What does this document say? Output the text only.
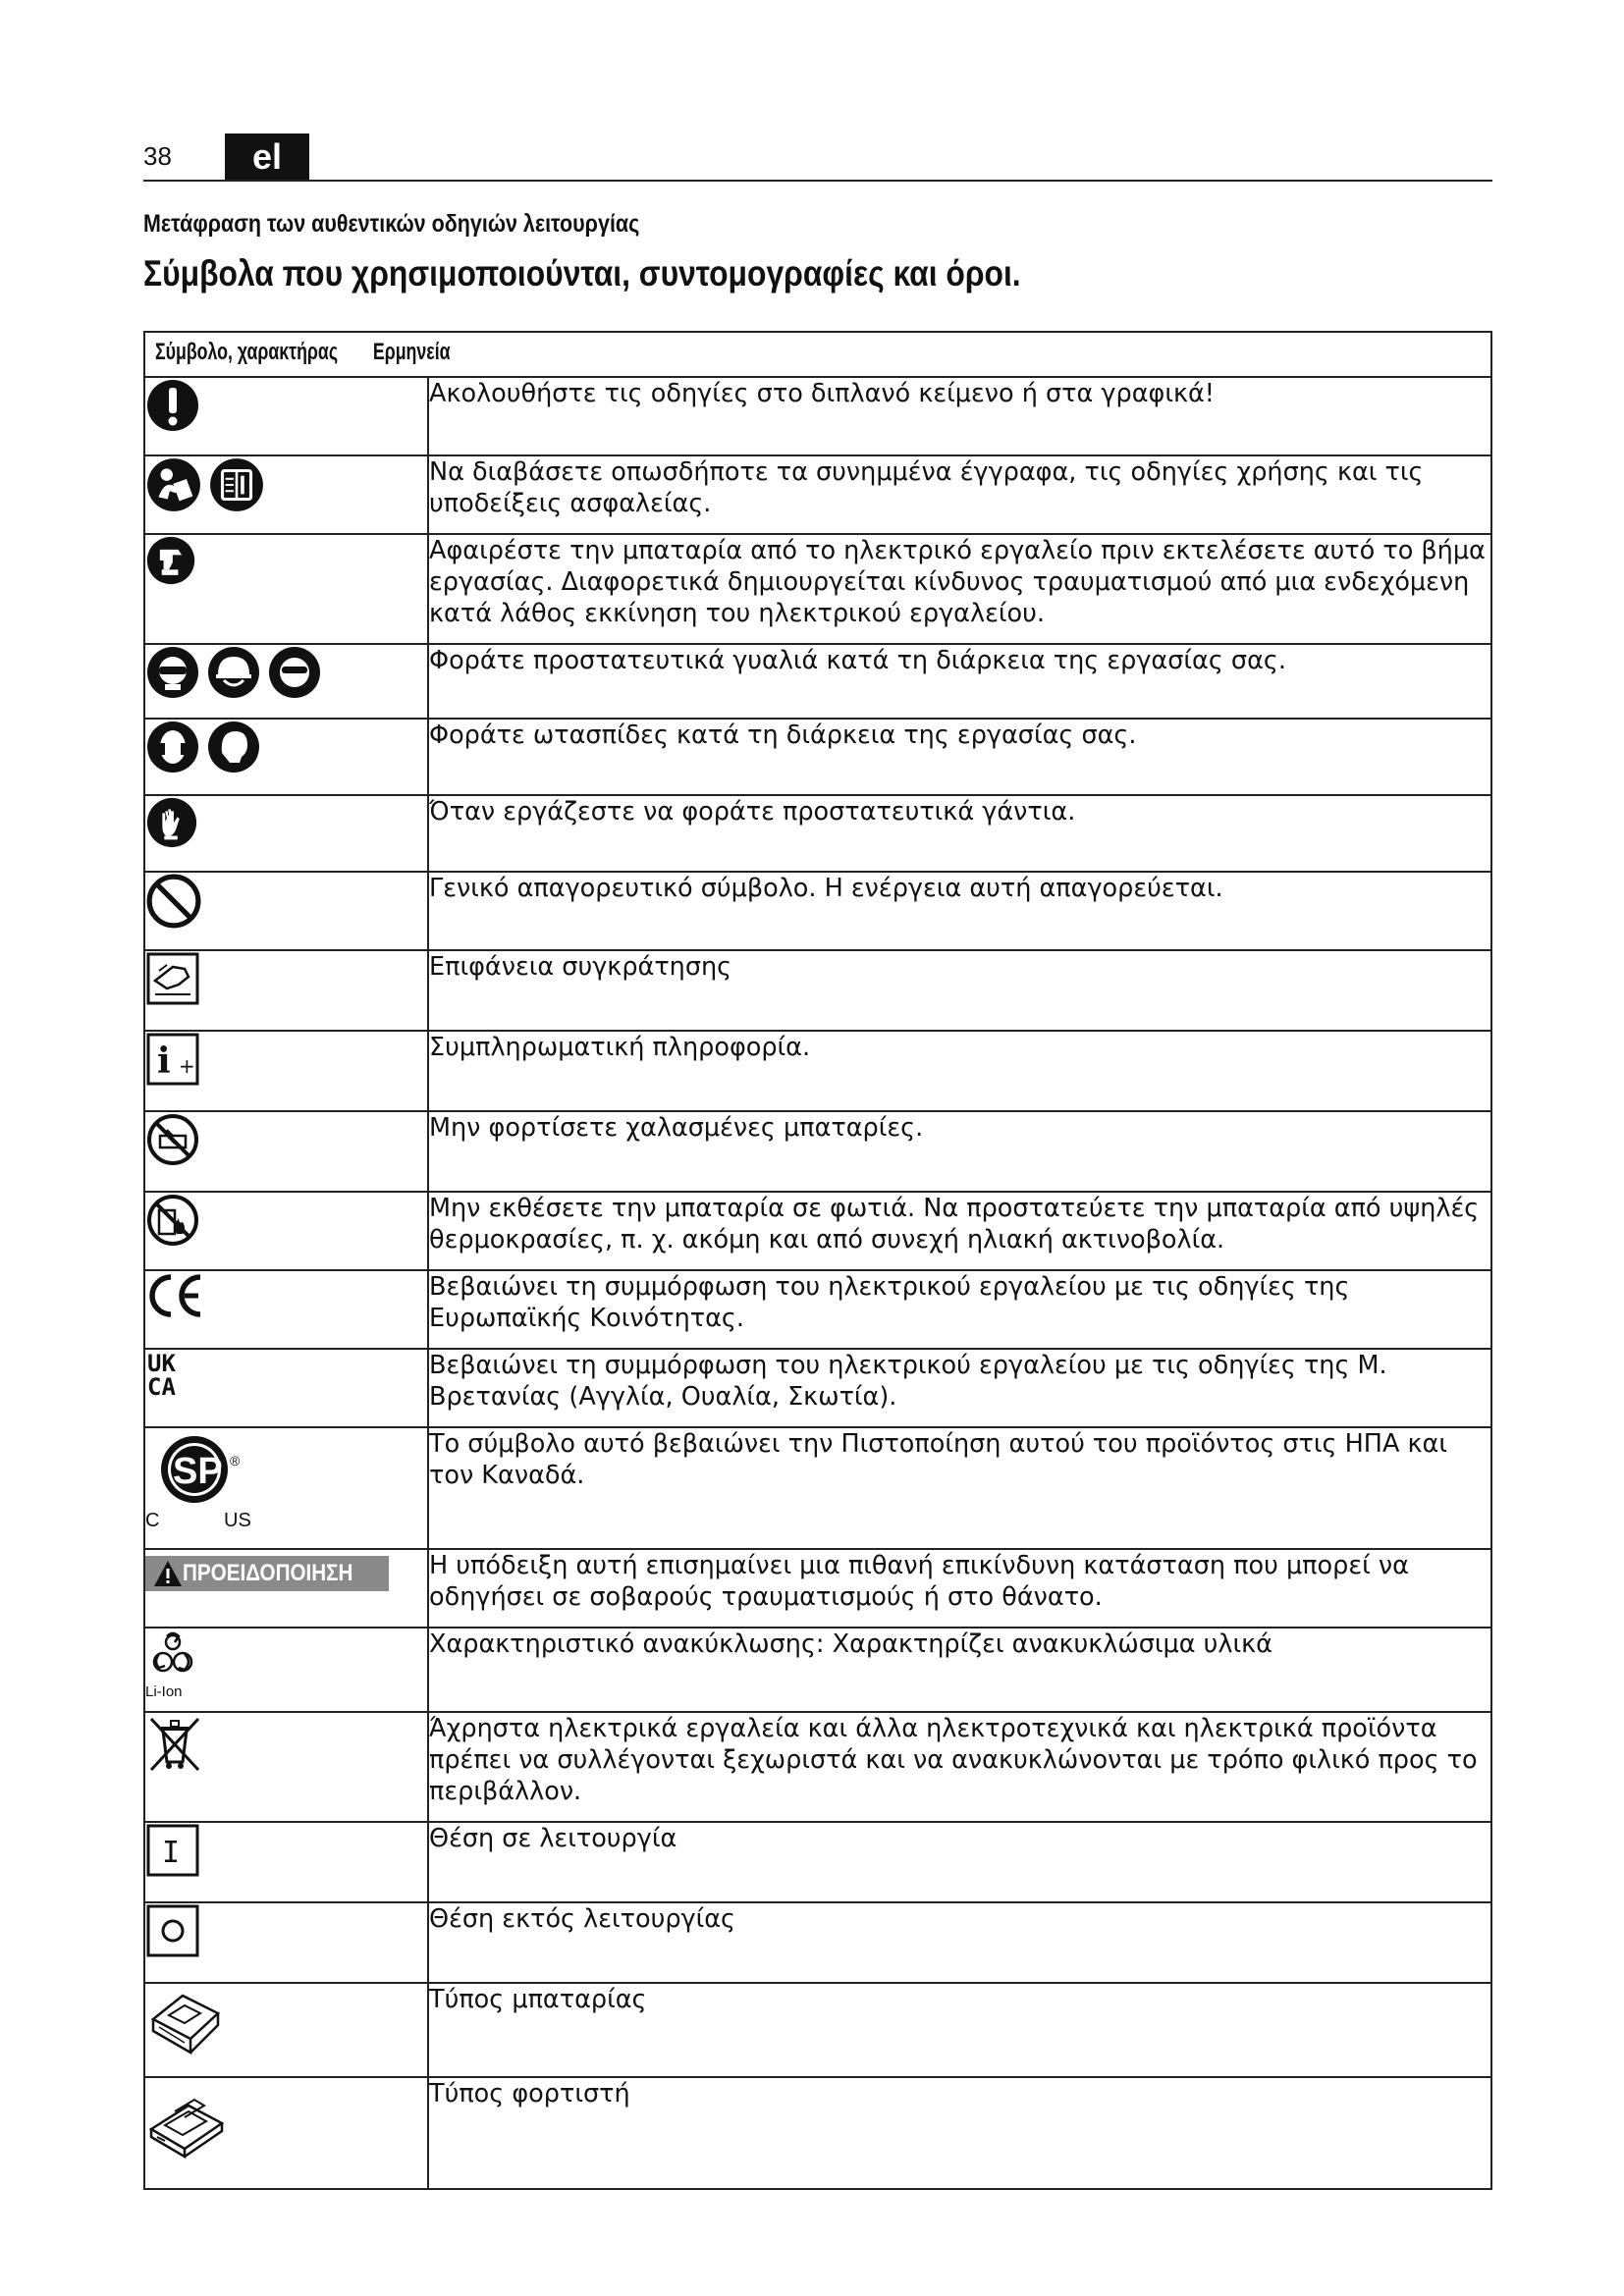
38	el
Μετάφραση των αυθεντικών οδηγιών λειτουργίας
Σύμβολα που χρησιμοποιούνται, συντομογραφίες και όροι.
Σύμβολο, χαρακτήρας Ερμηνεία	

	Ακολουθήστε τις οδηγίες στο διπλανό κείμενο ή στα γραφικά!

	Να διαβάσετε οπωσδήποτε τα συνημμένα έγγραφα, τις οδηγίες χρήσης και τις υποδείξεις ασφαλείας.

	Αφαιρέστε την μπαταρία από το ηλεκτρικό εργαλείο πριν εκτελέσετε αυτό το βήμα εργασίας. Διαφορετικά δημιουργείται κίνδυνος τραυματισμού από μια ενδεχόμενη κατά λάθος εκκίνηση του ηλεκτρικού εργαλείου.

	Φοράτε προστατευτικά γυαλιά κατά τη διάρκεια της εργασίας σας.

	Φοράτε ωτασπίδες κατά τη διάρκεια της εργασίας σας.

	Όταν εργάζεστε να φοράτε προστατευτικά γάντια.

	Γενικό απαγορευτικό σύμβολο. Η ενέργεια αυτή απαγορεύεται.

	Επιφάνεια συγκράτησης

i +	Συμπληρωματική πληροφορία.

	Μην φορτίσετε χαλασμένες μπαταρίες.

	Μην εκθέσετε την μπαταρία σε φωτιά. Να προστατεύετε την μπαταρία από υψηλές θερμοκρασίες, π. χ. ακόμη και από συνεχή ηλιακή ακτινοβολία.

	Βεβαιώνει τη συμμόρφωση του ηλεκτρικού εργαλείου με τις οδηγίες της Ευρωπαϊκής Κοινότητας.

UK
CA	Βεβαιώνει τη συμμόρφωση του ηλεκτρικού εργαλείου με τις οδηγίες της Μ. Βρετανίας (Αγγλία, Ουαλία, Σκωτία).

SP ®
C US	Το σύμβολο αυτό βεβαιώνει την Πιστοποίηση αυτού του προϊόντος στις ΗΠΑ και τον Καναδά.

ΠΡΟΕΙΔΟΠΟΙΗΣΗ	Η υπόδειξη αυτή επισημαίνει μια πιθανή επικίνδυνη κατάσταση που μπορεί να οδηγήσει σε σοβαρούς τραυματισμούς ή στο θάνατο.

Li-Ion	Χαρακτηριστικό ανακύκλωσης: Χαρακτηρίζει ανακυκλώσιμα υλικά

	Άχρηστα ηλεκτρικά εργαλεία και άλλα ηλεκτροτεχνικά και ηλεκτρικά προϊόντα πρέπει να συλλέγονται ξεχωριστά και να ανακυκλώνονται με τρόπο φιλικό προς το περιβάλλον.

I	Θέση σε λειτουργία

	Θέση εκτός λειτουργίας

	Τύπος μπαταρίας

	Τύπος φορτιστή
